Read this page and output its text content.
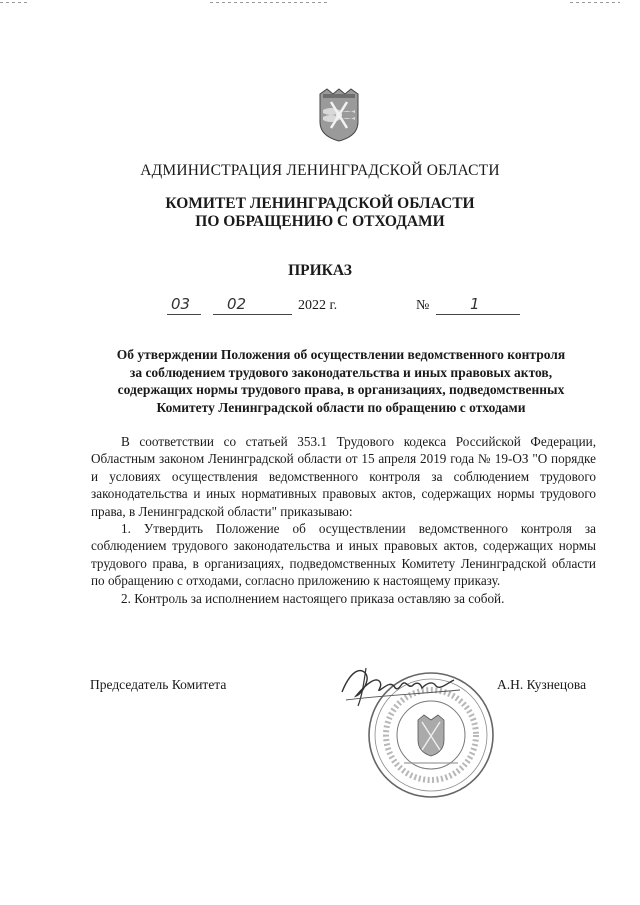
АДМИНИСТРАЦИЯ ЛЕНИНГРАДСКОЙ ОБЛАСТИ
КОМИТЕТ ЛЕНИНГРАДСКОЙ ОБЛАСТИ
ПО ОБРАЩЕНИЮ С ОТХОДАМИ
ПРИКАЗ
03 02	2022 г.	№	1
Об утверждении Положения об осуществлении ведомственного контроля
за соблюдением трудового законодательства и иных правовых актов,
содержащих нормы трудового права, в организациях, подведомственных
Комитету Ленинградской области по обращению с отходами

В соответствии со статьей 353.1 Трудового кодекса Российской Федерации, Областным законом Ленинградской области от 15 апреля 2019 года № 19-ОЗ "О порядке и условиях осуществления ведомственного контроля за соблюдением трудового законодательства и иных нормативных правовых актов, содержащих нормы трудового права, в Ленинградской области" приказываю:

1. Утвердить Положение об осуществлении ведомственного контроля за соблюдением трудового законодательства и иных правовых актов, содержащих нормы трудового права, в организациях, подведомственных Комитету Ленинградской области по обращению с отходами, согласно приложению к настоящему приказу.

2. Контроль за исполнением настоящего приказа оставляю за собой.

Председатель Комитета	А.Н. Кузнецова
